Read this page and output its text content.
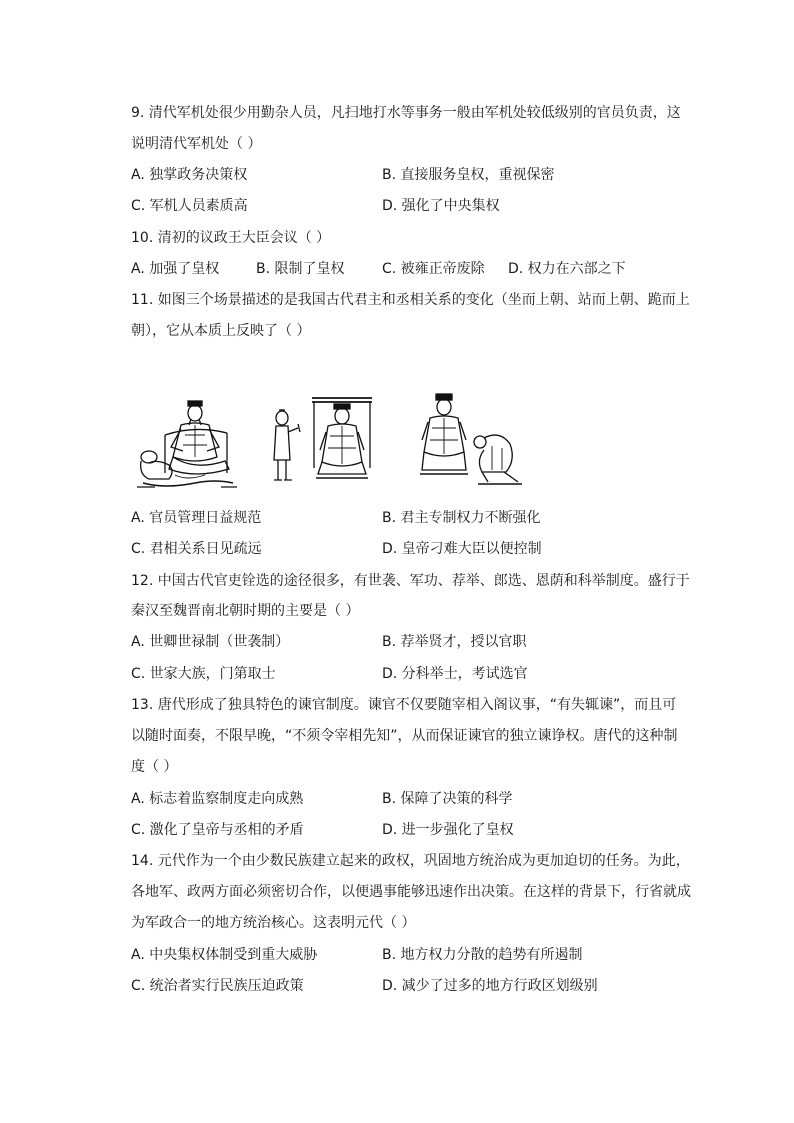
9. 清代军机处很少用勤杂人员，凡扫地打水等事务一般由军机处较低级别的官员负责，这
说明清代军机处（ ）
A. 独掌政务决策权	B. 直接服务皇权，重视保密
C. 军机人员素质高	D. 强化了中央集权
10. 清初的议政王大臣会议（ ）
A. 加强了皇权	B. 限制了皇权	C. 被雍正帝废除 D. 权力在六部之下
11. 如图三个场景描述的是我国古代君主和丞相关系的变化（坐而上朝、站而上朝、跪而上
朝），它从本质上反映了（ ）
A. 官员管理日益规范	B. 君主专制权力不断强化
C. 君相关系日见疏远	D. 皇帝刁难大臣以便控制
12. 中国古代官吏铨选的途径很多，有世袭、军功、荐举、郎选、恩荫和科举制度。盛行于
秦汉至魏晋南北朝时期的主要是（ ）
A. 世卿世禄制（世袭制）	B. 荐举贤才，授以官职
C. 世家大族，门第取士	D. 分科举士，考试选官
13. 唐代形成了独具特色的谏官制度。谏官不仅要随宰相入阁议事，“有失辄谏”，而且可
以随时面奏，不限早晚，“不须令宰相先知”，从而保证谏官的独立谏诤权。唐代的这种制
度（ ）
A. 标志着监察制度走向成熟	B. 保障了决策的科学
C. 激化了皇帝与丞相的矛盾	D. 进一步强化了皇权
14. 元代作为一个由少数民族建立起来的政权，巩固地方统治成为更加迫切的任务。为此，
各地军、政两方面必须密切合作，以便遇事能够迅速作出决策。在这样的背景下，行省就成
为军政合一的地方统治核心。这表明元代（ ）
A. 中央集权体制受到重大威胁	B. 地方权力分散的趋势有所遏制
C. 统治者实行民族压迫政策	D. 减少了过多的地方行政区划级别
